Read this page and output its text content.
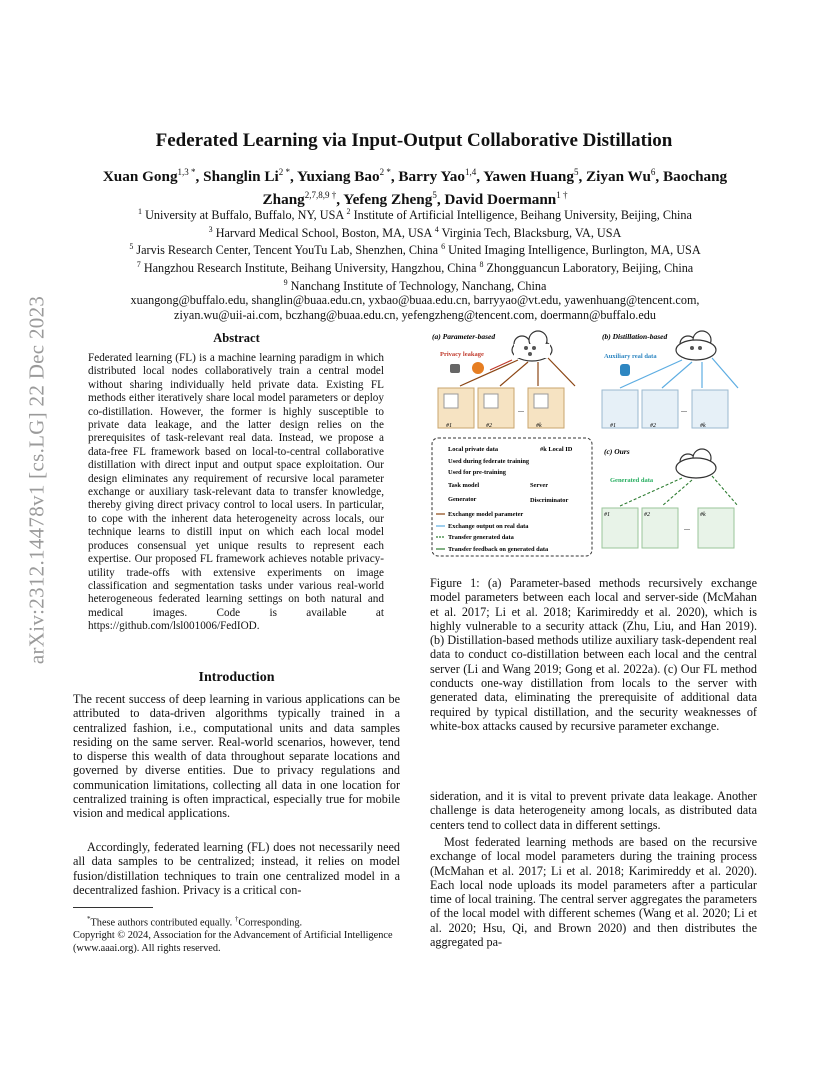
arXiv:2312.14478v1 [cs.LG] 22 Dec 2023
Federated Learning via Input-Output Collaborative Distillation
Xuan Gong$^{1,3 *}$, Shanglin $Li^{2 *}$, Yuxiang Bao$^{2 *}$, Barry Yao$^{1,4}$, Yawen Huang$^5$, Ziyan Wu$^6$, Baochang Zhang$^{2,7,8,9 \dagger}$, Yefeng Zheng$^5$, David Doermann$^{1 \dagger}$
$^1$ University at Buffalo, Buffalo, NY, USA $^2$ Institute of Artificial Intelligence, Beihang University, Beijing, China
$^3$ Harvard Medical School, Boston, MA, USA $^4$ Virginia Tech, Blacksburg, VA, USA
$^5$ Jarvis Research Center, Tencent YouTu Lab, Shenzhen, China $^6$ United Imaging Intelligence, Burlington, MA, USA
$^7$ Hangzhou Research Institute, Beihang University, Hangzhou, China $^8$ Zhongguancun Laboratory, Beijing, China
$^9$ Nanchang Institute of Technology, Nanchang, China
xuangong@buffalo.edu, shanglin@buaa.edu.cn, yxbao@buaa.edu.cn, barryyao@vt.edu, yawenhuang@tencent.com,
ziyan.wu@uii-ai.com, bczhang@buaa.edu.cn, yefengzheng@tencent.com, doermann@buffalo.edu
Abstract
Federated learning (FL) is a machine learning paradigm in which distributed local nodes collaboratively train a central model without sharing individually held private data. Existing FL methods either iteratively share local model parameters or deploy co-distillation. However, the former is highly susceptible to private data leakage, and the latter design relies on the prerequisites of task-relevant real data. Instead, we propose a data-free FL framework based on local-to-central collaborative distillation with direct input and output space exploitation. Our design eliminates any requirement of recursive local parameter exchange or auxiliary task-relevant data to transfer knowledge, thereby giving direct privacy control to local users. In particular, to cope with the inherent data heterogeneity across locals, our technique learns to distill input on which each local model produces consensual yet unique results to represent each expertise. Our proposed FL framework achieves notable privacy-utility trade-offs with extensive experiments on image classification and segmentation tasks under various real-world heterogeneous federated learning settings on both natural and medical images. Code is available at https://github.com/lsl001006/FedIOD.
Introduction
The recent success of deep learning in various applications can be attributed to data-driven algorithms typically trained in a centralized fashion, i.e., computational units and data samples residing on the same server. Real-world scenarios, however, tend to disperse this wealth of data throughout separate locations and governed by diverse entities. Due to privacy regulations and communication limitations, collecting all data in one location for centralized training is often impractical, especially true for mobile vision and medical applications.
Accordingly, federated learning (FL) does not necessarily need all data samples to be centralized; instead, it relies on model fusion/distillation techniques to train one centralized model in a decentralized fashion. Privacy is a critical con-
*These authors contributed equally. †Corresponding.
Copyright © 2024, Association for the Advancement of Artificial Intelligence (www.aaai.org). All rights reserved.
(a) Parameter-based
Privacy leakage
#1	#2
...
#k
(b) Distillation-based
Auxiliary real data
#1	#2
...
#k
Local private data	#k Local ID
Used during federate training
Used for pre-training
Task model	Server
Generator	Discriminator
Exchange model parameter
Exchange output on real data
Transfer generated data
Transfer feedback on generated data
(c) Ours
Generated data
#1	#2
...
#k
Figure 1: (a) Parameter-based methods recursively exchange model parameters between each local and server-side (McMahan et al. 2017; Li et al. 2018; Karimireddy et al. 2020), which is highly vulnerable to a security attack (Zhu, Liu, and Han 2019). (b) Distillation-based methods utilize auxiliary task-dependent real data to conduct co-distillation between each local and the central server (Li and Wang 2019; Gong et al. 2022a). (c) Our FL method conducts one-way distillation from locals to the server with generated data, eliminating the prerequisite of additional data required by typical distillation, and the security weaknesses of white-box attacks caused by recursive parameter exchange.
sideration, and it is vital to prevent private data leakage. Another challenge is data heterogeneity among locals, as distributed data centers tend to collect data in different settings.
Most federated learning methods are based on the recursive exchange of local model parameters during the training process (McMahan et al. 2017; Li et al. 2018; Karimireddy et al. 2020). Each local node uploads its model parameters after a particular time of local training. The central server aggregates the parameters of the local model with different schemes (Wang et al. 2020; Li et al. 2020; Hsu, Qi, and Brown 2020) and then distributes the aggregated pa-
